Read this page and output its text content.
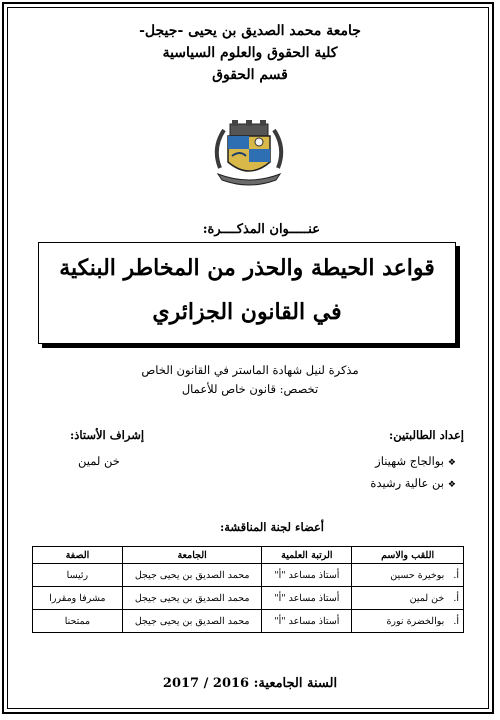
جامعة محمد الصديق بن يحيى -جيجل-
كلية الحقوق والعلوم السياسية
قسم الحقوق
عنـــــوان المذكــــرة:
قواعد الحيطة والحذر من المخاطر البنكية
في القانون الجزائري
مذكرة لنيل شهادة الماستر في القانون الخاص
تخصص: قانون خاص للأعمال
إعداد الطالبتين:
إشراف الأستاذ:
❖بوالجاج شهيناز
❖بن عالية رشيدة
خن لمين
أعضاء لجنة المناقشة:
اللقب والاسم	الرتبة العلمية	الجامعة	الصفة
أ.   بوخيرة حسين	أستاذ مساعد "أ"	محمد الصديق بن يحيى جيجل	رئيسا
أ.   خن لمين	أستاذ مساعد "أ"	محمد الصديق بن يحيى جيجل	مشرفا ومقررا
أ.   بوالخضرة نورة	أستاذ مساعد "أ"	محمد الصديق بن يحيى جيجل	ممتحنا
السنة الجامعية: 2016 / 2017
